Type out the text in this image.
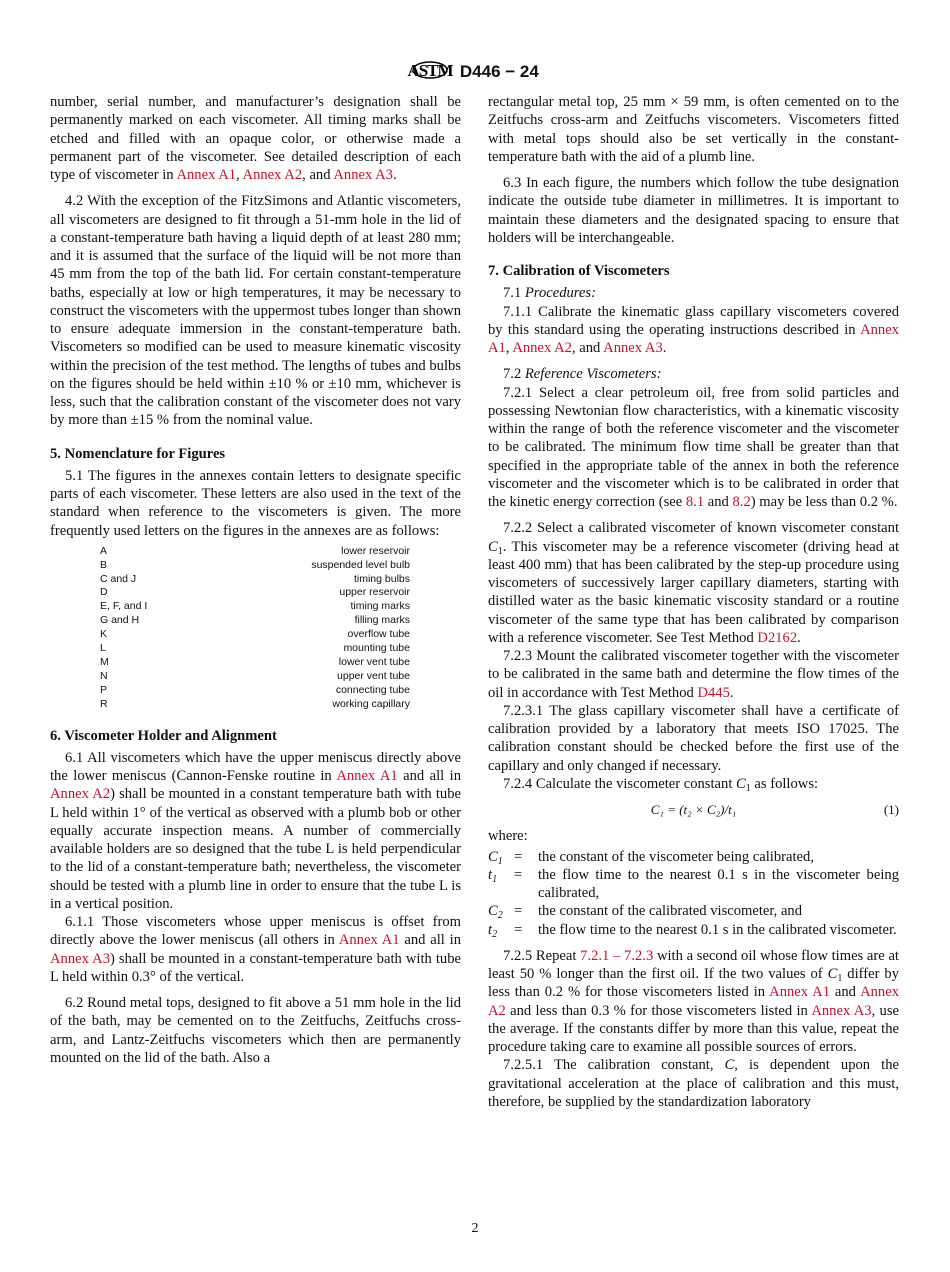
ASTM D446 − 24

number, serial number, and manufacturer’s designation shall be permanently marked on each viscometer. All timing marks shall be etched and filled with an opaque color, or otherwise made a permanent part of the viscometer. See detailed description of each type of viscometer in Annex A1, Annex A2, and Annex A3.

4.2 With the exception of the FitzSimons and Atlantic viscometers, all viscometers are designed to fit through a 51-mm hole in the lid of a constant-temperature bath having a liquid depth of at least 280 mm; and it is assumed that the surface of the liquid will be not more than 45 mm from the top of the bath lid. For certain constant-temperature baths, especially at low or high temperatures, it may be necessary to construct the viscometers with the uppermost tubes longer than shown to ensure adequate immersion in the constant-temperature bath. Viscometers so modified can be used to measure kinematic viscosity within the precision of the test method. The lengths of tubes and bulbs on the figures should be held within ±10 % or ±10 mm, whichever is less, such that the calibration constant of the viscometer does not vary by more than ±15 % from the nominal value.

5. Nomenclature for Figures

5.1 The figures in the annexes contain letters to designate specific parts of each viscometer. These letters are also used in the text of the standard when reference to the viscometers is given. The more frequently used letters on the figures in the annexes are as follows:

A	lower reservoir
B	suspended level bulb
C and J	timing bulbs
D	upper reservoir
E, F, and I	timing marks
G and H	filling marks
K	overflow tube
L	mounting tube
M	lower vent tube
N	upper vent tube
P	connecting tube
R	working capillary
6. Viscometer Holder and Alignment

6.1 All viscometers which have the upper meniscus directly above the lower meniscus (Cannon-Fenske routine in Annex A1 and all in Annex A2) shall be mounted in a constant temperature bath with tube L held within 1° of the vertical as observed with a plumb bob or other equally accurate inspection means. A number of commercially available holders are so designed that the tube L is held perpendicular to the lid of a constant-temperature bath; nevertheless, the viscometer should be tested with a plumb line in order to ensure that the tube L is in a vertical position.

6.1.1 Those viscometers whose upper meniscus is offset from directly above the lower meniscus (all others in Annex A1 and all in Annex A3) shall be mounted in a constant-temperature bath with tube L held within 0.3° of the vertical.

6.2 Round metal tops, designed to fit above a 51 mm hole in the lid of the bath, may be cemented on to the Zeitfuchs, Zeitfuchs cross-arm, and Lantz-Zeitfuchs viscometers which then are permanently mounted on the lid of the bath. Also a

rectangular metal top, 25 mm × 59 mm, is often cemented on to the Zeitfuchs cross-arm and Zeitfuchs viscometers. Viscometers fitted with metal tops should also be set vertically in the constant-temperature bath with the aid of a plumb line.

6.3 In each figure, the numbers which follow the tube designation indicate the outside tube diameter in millimetres. It is important to maintain these diameters and the designated spacing to ensure that holders will be interchangeable.

7. Calibration of Viscometers

7.1 Procedures:

7.1.1 Calibrate the kinematic glass capillary viscometers covered by this standard using the operating instructions described in Annex A1, Annex A2, and Annex A3.

7.2 Reference Viscometers:

7.2.1 Select a clear petroleum oil, free from solid particles and possessing Newtonian flow characteristics, with a kinematic viscosity within the range of both the reference viscometer and the viscometer to be calibrated. The minimum flow time shall be greater than that specified in the appropriate table of the annex in both the reference viscometer and the viscometer which is to be calibrated in order that the kinetic energy correction (see 8.1 and 8.2) may be less than 0.2 %.

7.2.2 Select a calibrated viscometer of known viscometer constant $C_1$. This viscometer may be a reference viscometer (driving head at least 400 mm) that has been calibrated by the step-up procedure using viscometers of successively larger capillary diameters, starting with distilled water as the basic kinematic viscosity standard or a routine viscometer of the same type that has been calibrated by comparison with a reference viscometer. See Test Method D2162.

7.2.3 Mount the calibrated viscometer together with the viscometer to be calibrated in the same bath and determine the flow times of the oil in accordance with Test Method D445.

7.2.3.1 The glass capillary viscometer shall have a certificate of calibration provided by a laboratory that meets ISO 17025. The calibration constant should be checked before the first use of the capillary and only changed if necessary.

7.2.4 Calculate the viscometer constant $C_1$ as follows:

C₁ = (t₂ × C₂)/t₁	(1)

where:

$C_1$ =	the constant of the viscometer being calibrated,
$t_1$	=	the flow time to the nearest 0.1 s in the viscometer being calibrated,
$C_2$ =	the constant of the calibrated viscometer, and
$t_2$	=	the flow time to the nearest 0.1 s in the calibrated viscometer.

7.2.5 Repeat 7.2.1 – 7.2.3 with a second oil whose flow times are at least 50 % longer than the first oil. If the two values of $C_1$ differ by less than 0.2 % for those viscometers listed in Annex A1 and Annex A2 and less than 0.3 % for those viscometers listed in Annex A3, use the average. If the constants differ by more than this value, repeat the procedure taking care to examine all possible sources of errors.

7.2.5.1 The calibration constant, C, is dependent upon the gravitational acceleration at the place of calibration and this must, therefore, be supplied by the standardization laboratory

2
